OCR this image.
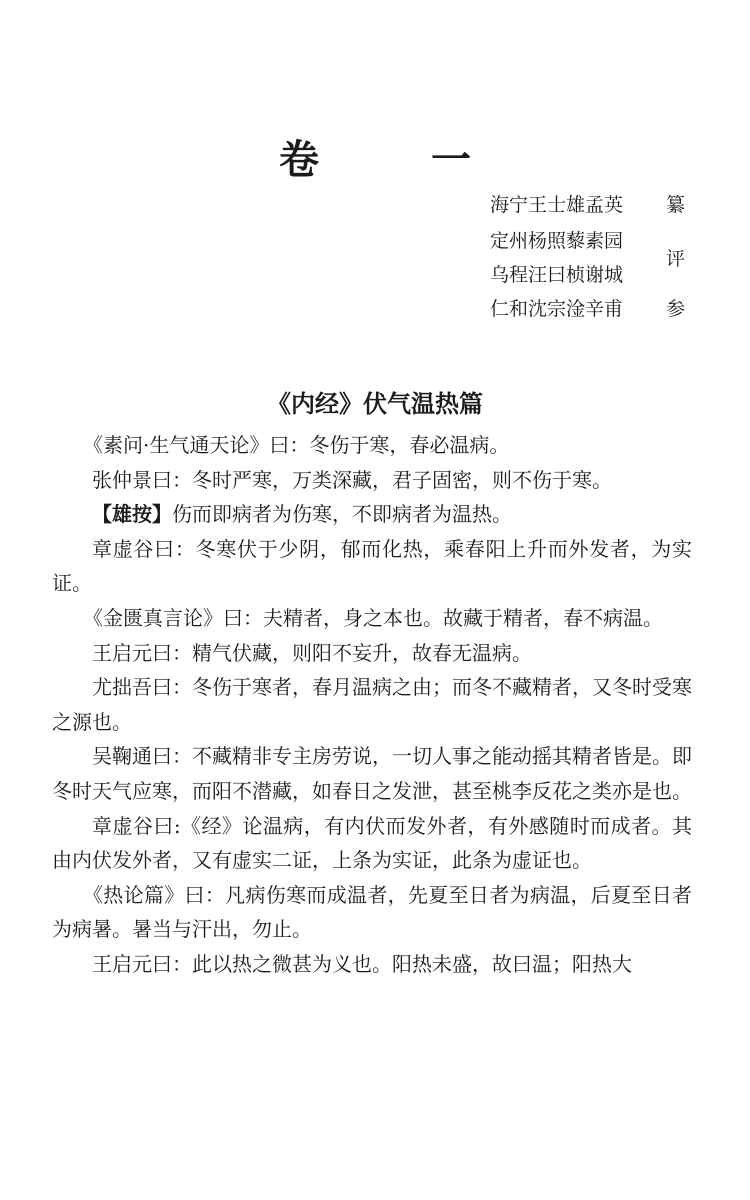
卷　一
海宁王士雄孟英 纂
定州杨照藜素园
乌程汪曰桢谢城
评
仁和沈宗淦辛甫 参
《内经》伏气温热篇

《素问·生气通天论》曰：冬伤于寒，春必温病。

张仲景曰：冬时严寒，万类深藏，君子固密，则不伤于寒。

【雄按】伤而即病者为伤寒，不即病者为温热。

章虚谷曰：冬寒伏于少阴，郁而化热，乘春阳上升而外发者，为实证。

《金匮真言论》曰：夫精者，身之本也。故藏于精者，春不病温。

王启元曰：精气伏藏，则阳不妄升，故春无温病。

尤拙吾曰：冬伤于寒者，春月温病之由；而冬不藏精者，又冬时受寒之源也。

吴鞠通曰：不藏精非专主房劳说，一切人事之能动摇其精者皆是。即冬时天气应寒，而阳不潜藏，如春日之发泄，甚至桃李反花之类亦是也。

章虚谷曰:《经》论温病，有内伏而发外者，有外感随时而成者。其由内伏发外者，又有虚实二证，上条为实证，此条为虚证也。

《热论篇》曰：凡病伤寒而成温者，先夏至日者为病温，后夏至日者为病暑。暑当与汗出，勿止。

王启元曰：此以热之微甚为义也。阳热未盛，故曰温；阳热大
